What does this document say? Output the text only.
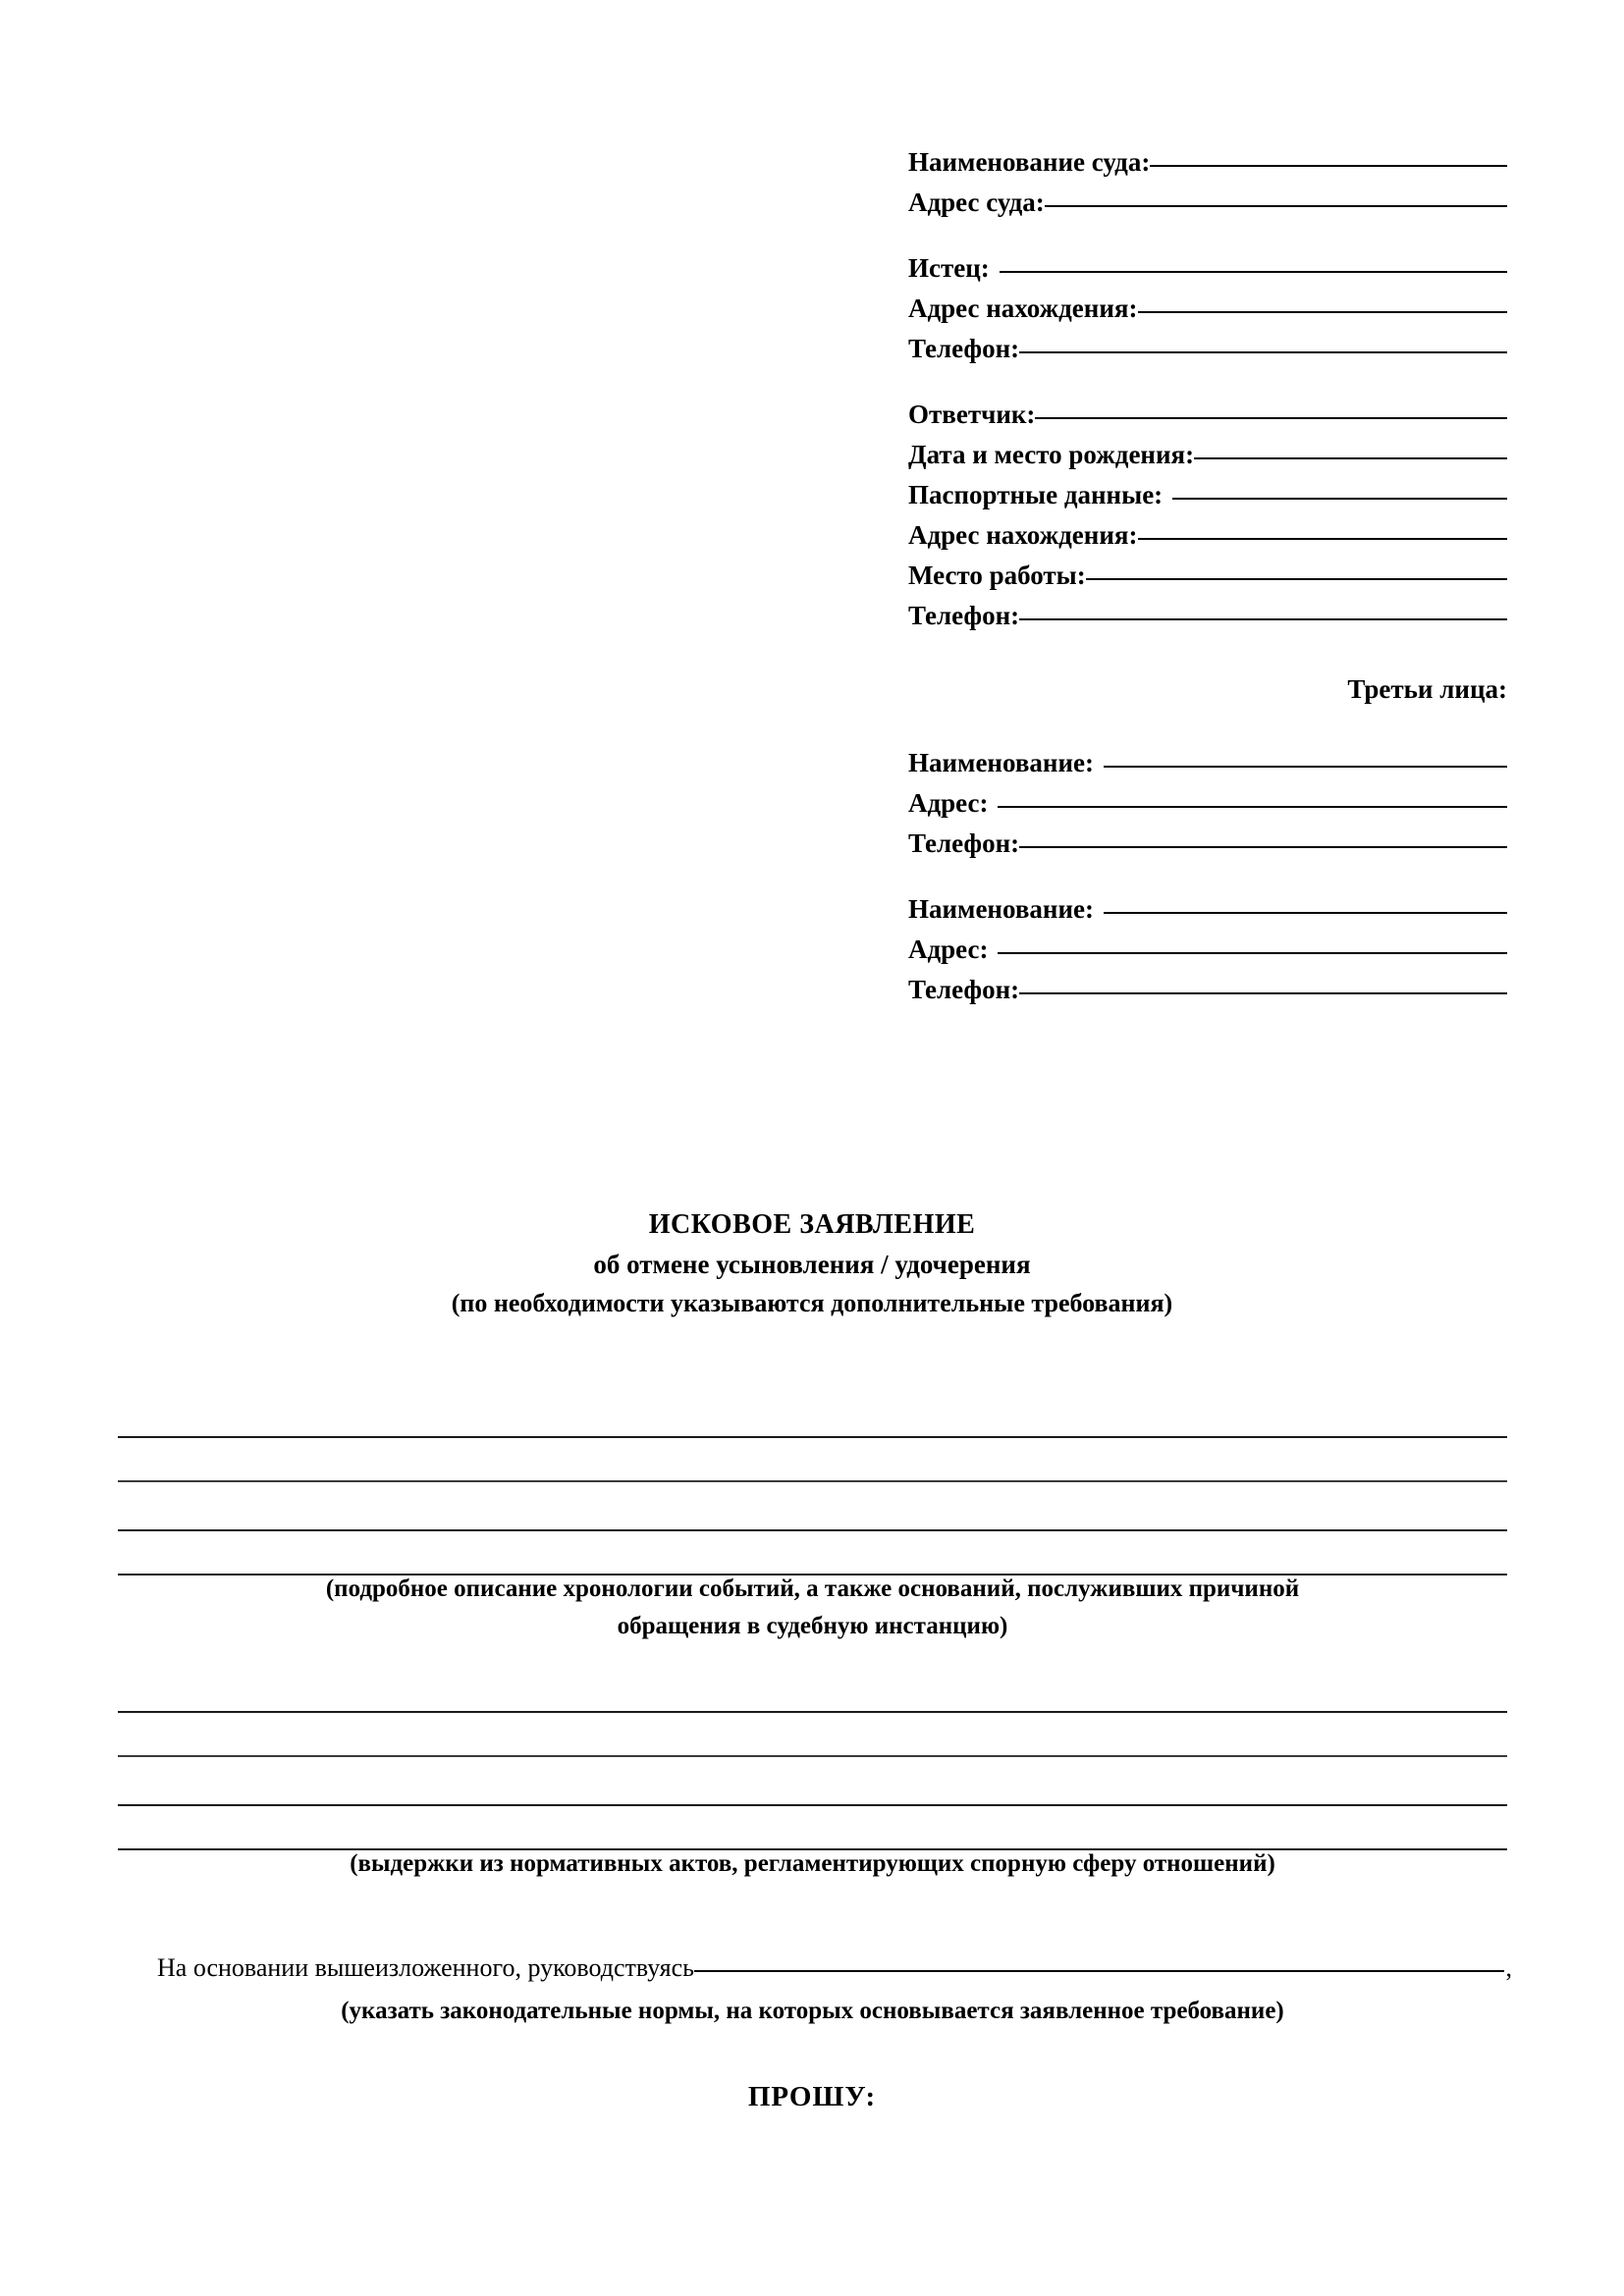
Наименование суда:
Адрес суда:
Истец:
Адрес нахождения:
Телефон:
Ответчик:
Дата и место рождения:
Паспортные данные:
Адрес нахождения:
Место работы:
Телефон:
Третьи лица:
Наименование:
Адрес:
Телефон:
Наименование:
Адрес:
Телефон:
ИСКОВОЕ ЗАЯВЛЕНИЕ
об отмене усыновления / удочерения
(по необходимости указываются дополнительные требования)
(подробное описание хронологии событий, а также оснований, послуживших причиной
обращения в судебную инстанцию)
(выдержки из нормативных актов, регламентирующих спорную сферу отношений)
На основании вышеизложенного, руководствуясь	,
(указать законодательные нормы, на которых основывается заявленное требование)
ПРОШУ:
